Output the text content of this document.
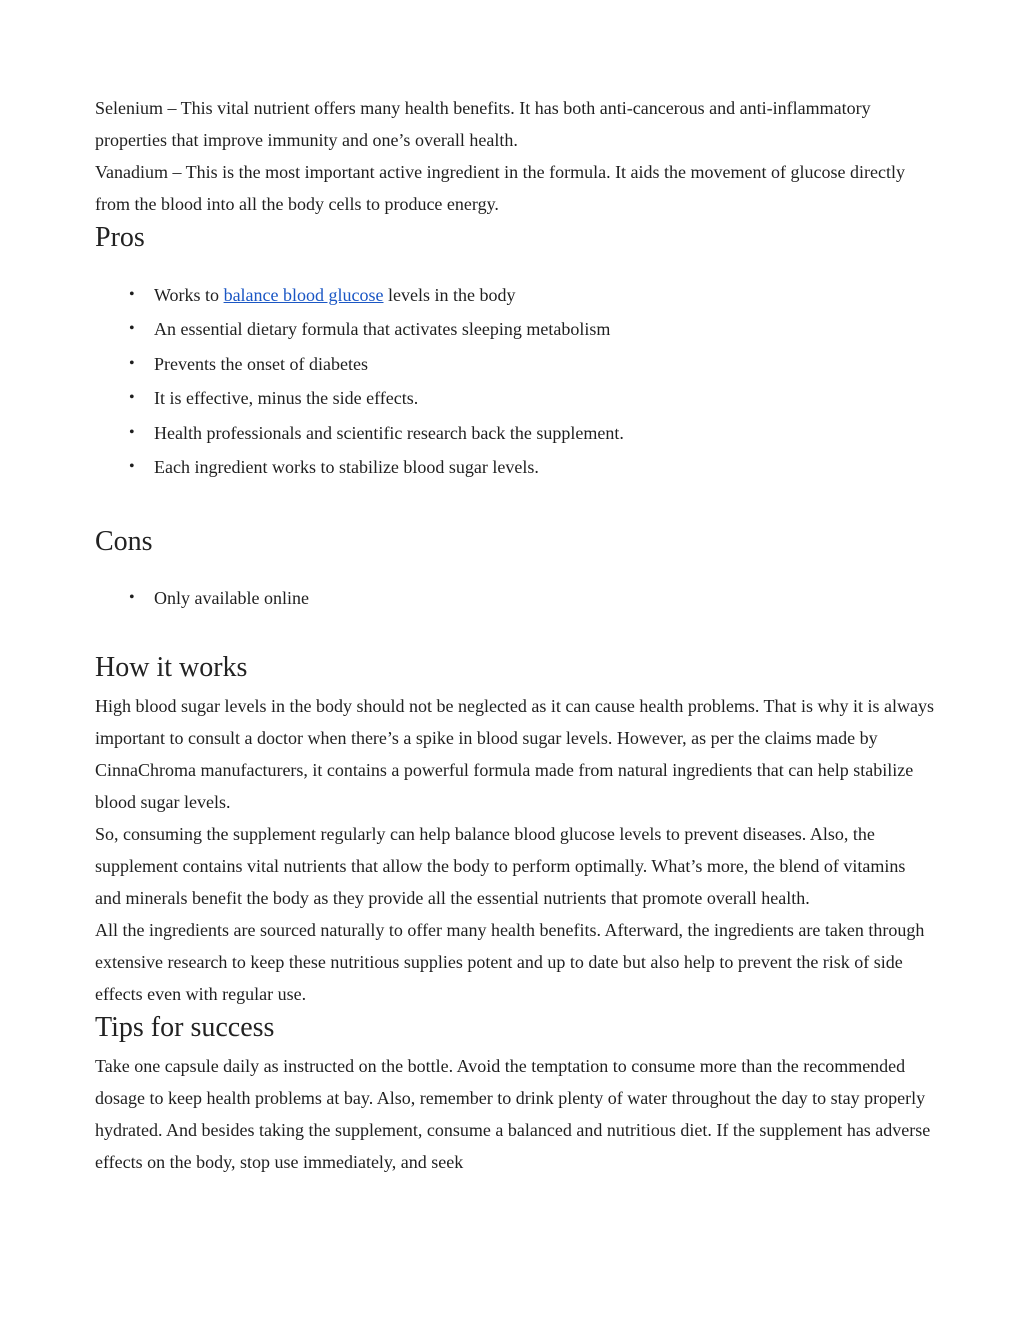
Selenium – This vital nutrient offers many health benefits. It has both anti-cancerous and anti-inflammatory properties that improve immunity and one’s overall health.

Vanadium – This is the most important active ingredient in the formula. It aids the movement of glucose directly from the blood into all the body cells to produce energy.

Pros
• Works to balance blood glucose levels in the body
• An essential dietary formula that activates sleeping metabolism
• Prevents the onset of diabetes
• It is effective, minus the side effects.
• Health professionals and scientific research back the supplement.
• Each ingredient works to stabilize blood sugar levels.
Cons
• Only available online
How it works

High blood sugar levels in the body should not be neglected as it can cause health problems. That is why it is always important to consult a doctor when there’s a spike in blood sugar levels. However, as per the claims made by CinnaChroma manufacturers, it contains a powerful formula made from natural ingredients that can help stabilize blood sugar levels.

So, consuming the supplement regularly can help balance blood glucose levels to prevent diseases. Also, the supplement contains vital nutrients that allow the body to perform optimally. What’s more, the blend of vitamins and minerals benefit the body as they provide all the essential nutrients that promote overall health.

All the ingredients are sourced naturally to offer many health benefits. Afterward, the ingredients are taken through extensive research to keep these nutritious supplies potent and up to date but also help to prevent the risk of side effects even with regular use.

Tips for success

Take one capsule daily as instructed on the bottle. Avoid the temptation to consume more than the recommended dosage to keep health problems at bay. Also, remember to drink plenty of water throughout the day to stay properly hydrated. And besides taking the supplement, consume a balanced and nutritious diet. If the supplement has adverse effects on the body, stop use immediately, and seek
